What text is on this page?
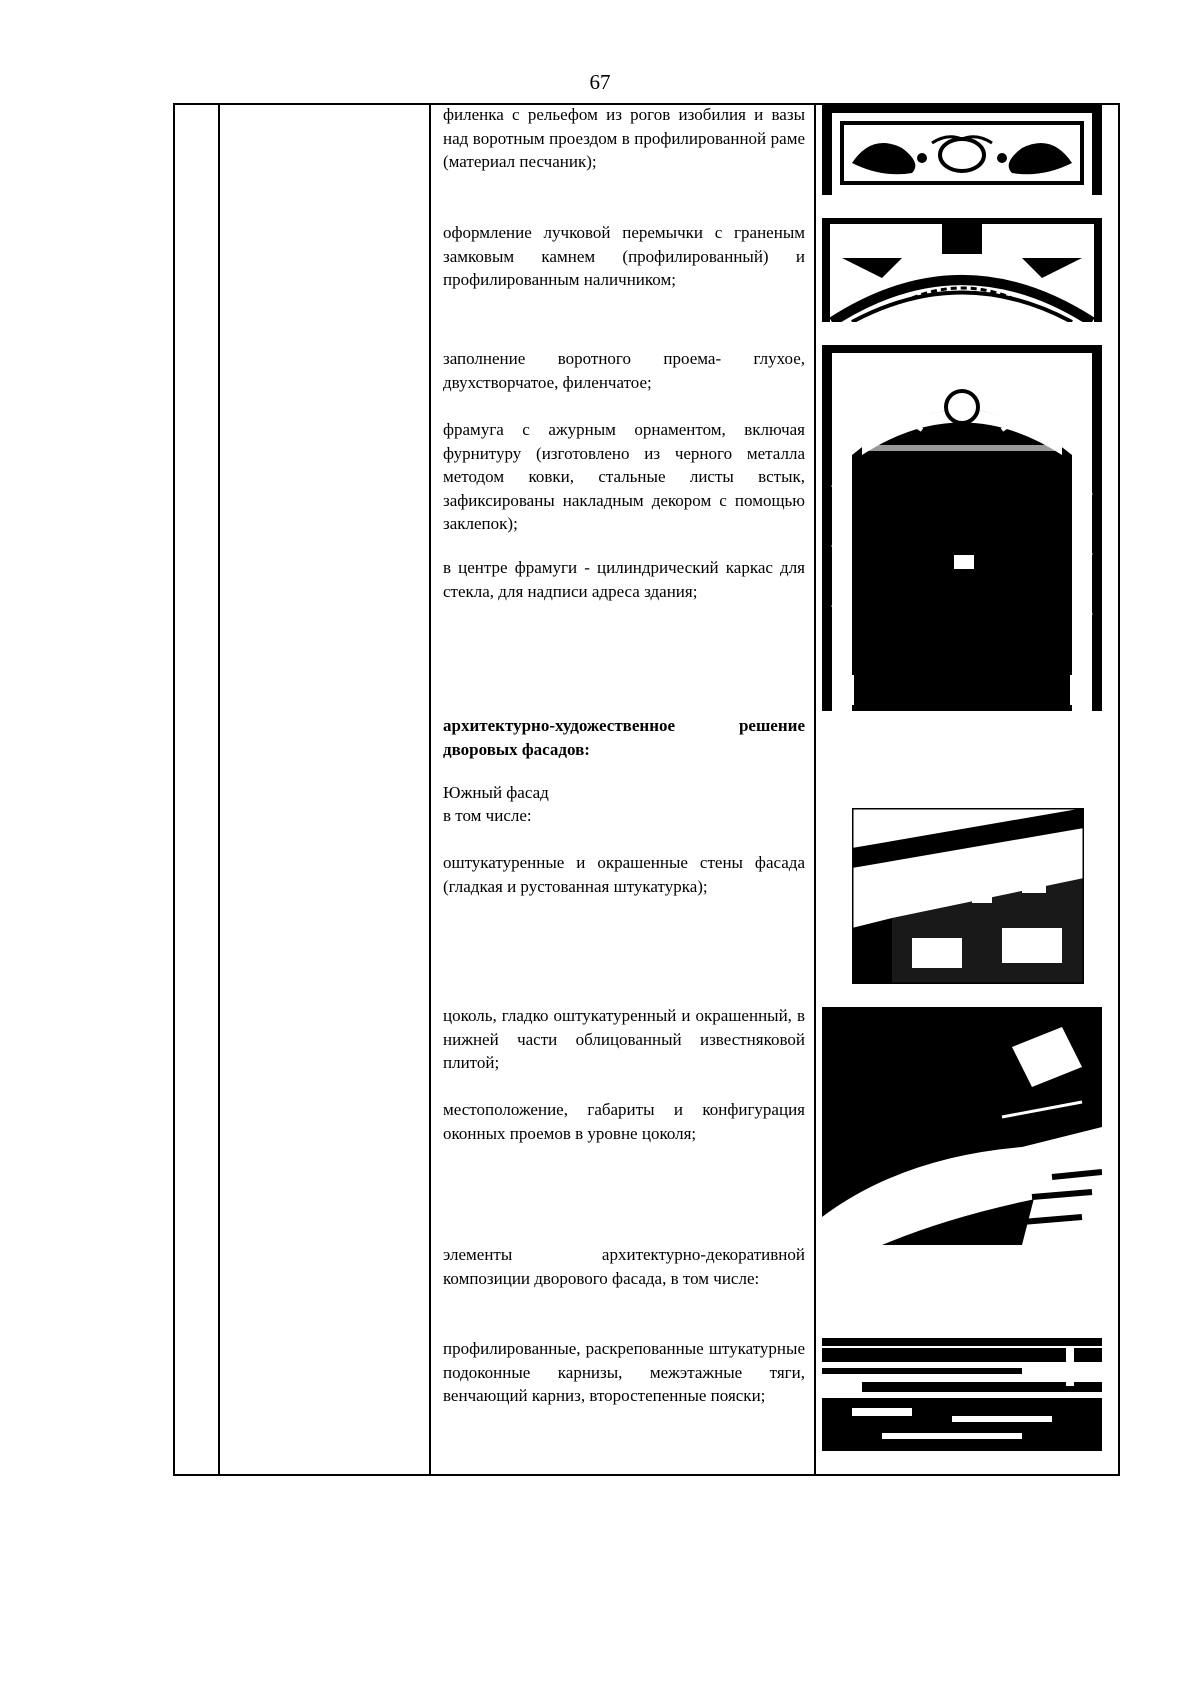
67
филенка с рельефом из рогов изобилия и вазы над воротным проездом в профилированной раме (материал песчаник);
оформление лучковой перемычки с граненым замковым камнем (профилированный) и профилированным наличником;
заполнение воротного проема- глухое, двухстворчатое, филенчатое;
фрамуга с ажурным орнаментом, включая фурнитуру (изготовлено из черного металла методом ковки, стальные листы встык, зафиксированы накладным декором с помощью заклепок);
в центре фрамуги - цилиндрический каркас для стекла, для надписи адреса здания;
архитектурно-художественное решение дворовых фасадов:
Южный фасад
в том числе:
оштукатуренные и окрашенные стены фасада (гладкая и рустованная штукатурка);
цоколь, гладко оштукатуренный и окрашенный, в нижней части облицованный известняковой плитой;
местоположение, габариты и конфигурация оконных проемов в уровне цоколя;
элементы архитектурно-декоративной композиции дворового фасада, в том числе:
профилированные, раскрепованные штукатурные подоконные карнизы, межэтажные тяги, венчающий карниз, второстепенные пояски;
